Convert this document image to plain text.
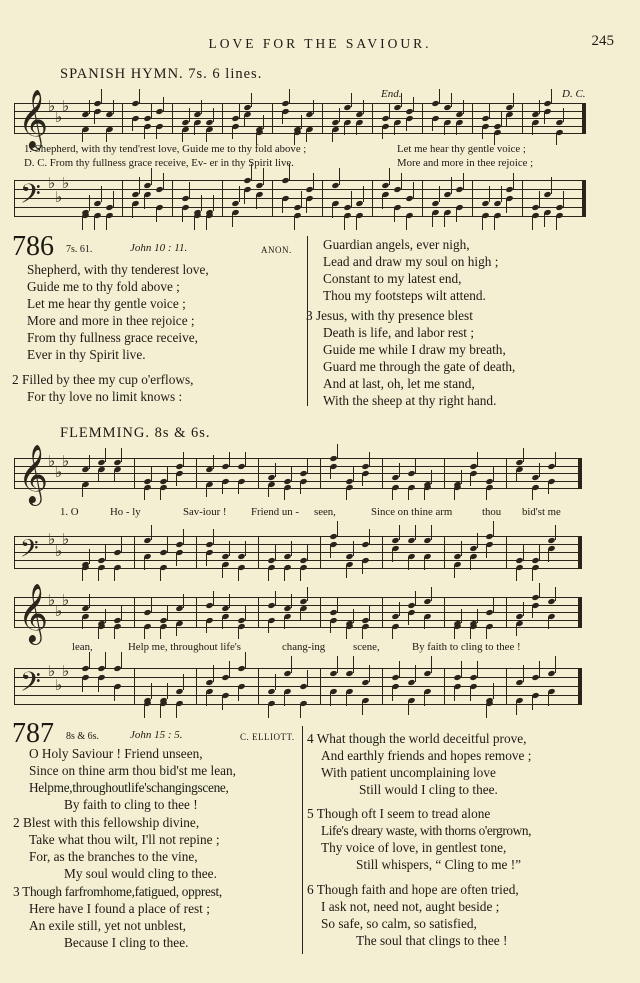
LOVE FOR THE SAVIOUR.	245
SPANISH HYMN. 7s. 6 lines.
End.	D. C.
𝄞 ♭
♭
♭
1. Shepherd, with thy tend'rest love, Guide me to thy fold above ;	Let me hear thy gentle voice ;
D. C. From thy fullness grace receive, Ev- er in thy Spirit live.	More and more in thee rejoice ;
𝄢 ♭
♭
♭
786 7s. 61.	John 10 : 11.	ANON.
Shepherd, with thy tenderest love,
Guide me to thy fold above ;
Let me hear thy gentle voice ;
More and more in thee rejoice ;
From thy fullness grace receive,
Ever in thy Spirit live.
2 Filled by thee my cup o'erflows,
For thy love no limit knows :
Guardian angels, ever nigh,
Lead and draw my soul on high ;
Constant to my latest end,
Thou my footsteps wilt attend.
3 Jesus, with thy presence blest
Death is life, and labor rest ;
Guide me while I draw my breath,
Guard me through the gate of death,
And at last, oh, let me stand,
With the sheep at thy right hand.
FLEMMING. 8s & 6s.
𝄞 ♭
♭
♭
1. O	Ho - ly	Sav-iour ! Friend un - seen,	Since on thine arm	thou bid'st me
𝄢 ♭
♭
♭
𝄞 ♭
♭
♭
lean,	Help me, throughout life's	chang-ing	scene,	By faith to cling to thee !
𝄢 ♭
♭
♭
787 8s & 6s.	John 15 : 5.	C. ELLIOTT.
O Holy Saviour ! Friend unseen,
Since on thine arm thou bid'st me lean,
Helpme,throughoutlife'schangingscene,
By faith to cling to thee !
2 Blest with this fellowship divine,
Take what thou wilt, I'll not repine ;
For, as the branches to the vine,
My soul would cling to thee.
3 Though farfromhome,fatigued, opprest,
Here have I found a place of rest ;
An exile still, yet not unblest,
Because I cling to thee.
4 What though the world deceitful prove,
And earthly friends and hopes remove ;
With patient uncomplaining love
Still would I cling to thee.
5 Though oft I seem to tread alone
Life's dreary waste, with thorns o'ergrown,
Thy voice of love, in gentlest tone,
Still whispers, “ Cling to me !”
6 Though faith and hope are often tried,
I ask not, need not, aught beside ;
So safe, so calm, so satisfied,
The soul that clings to thee !
